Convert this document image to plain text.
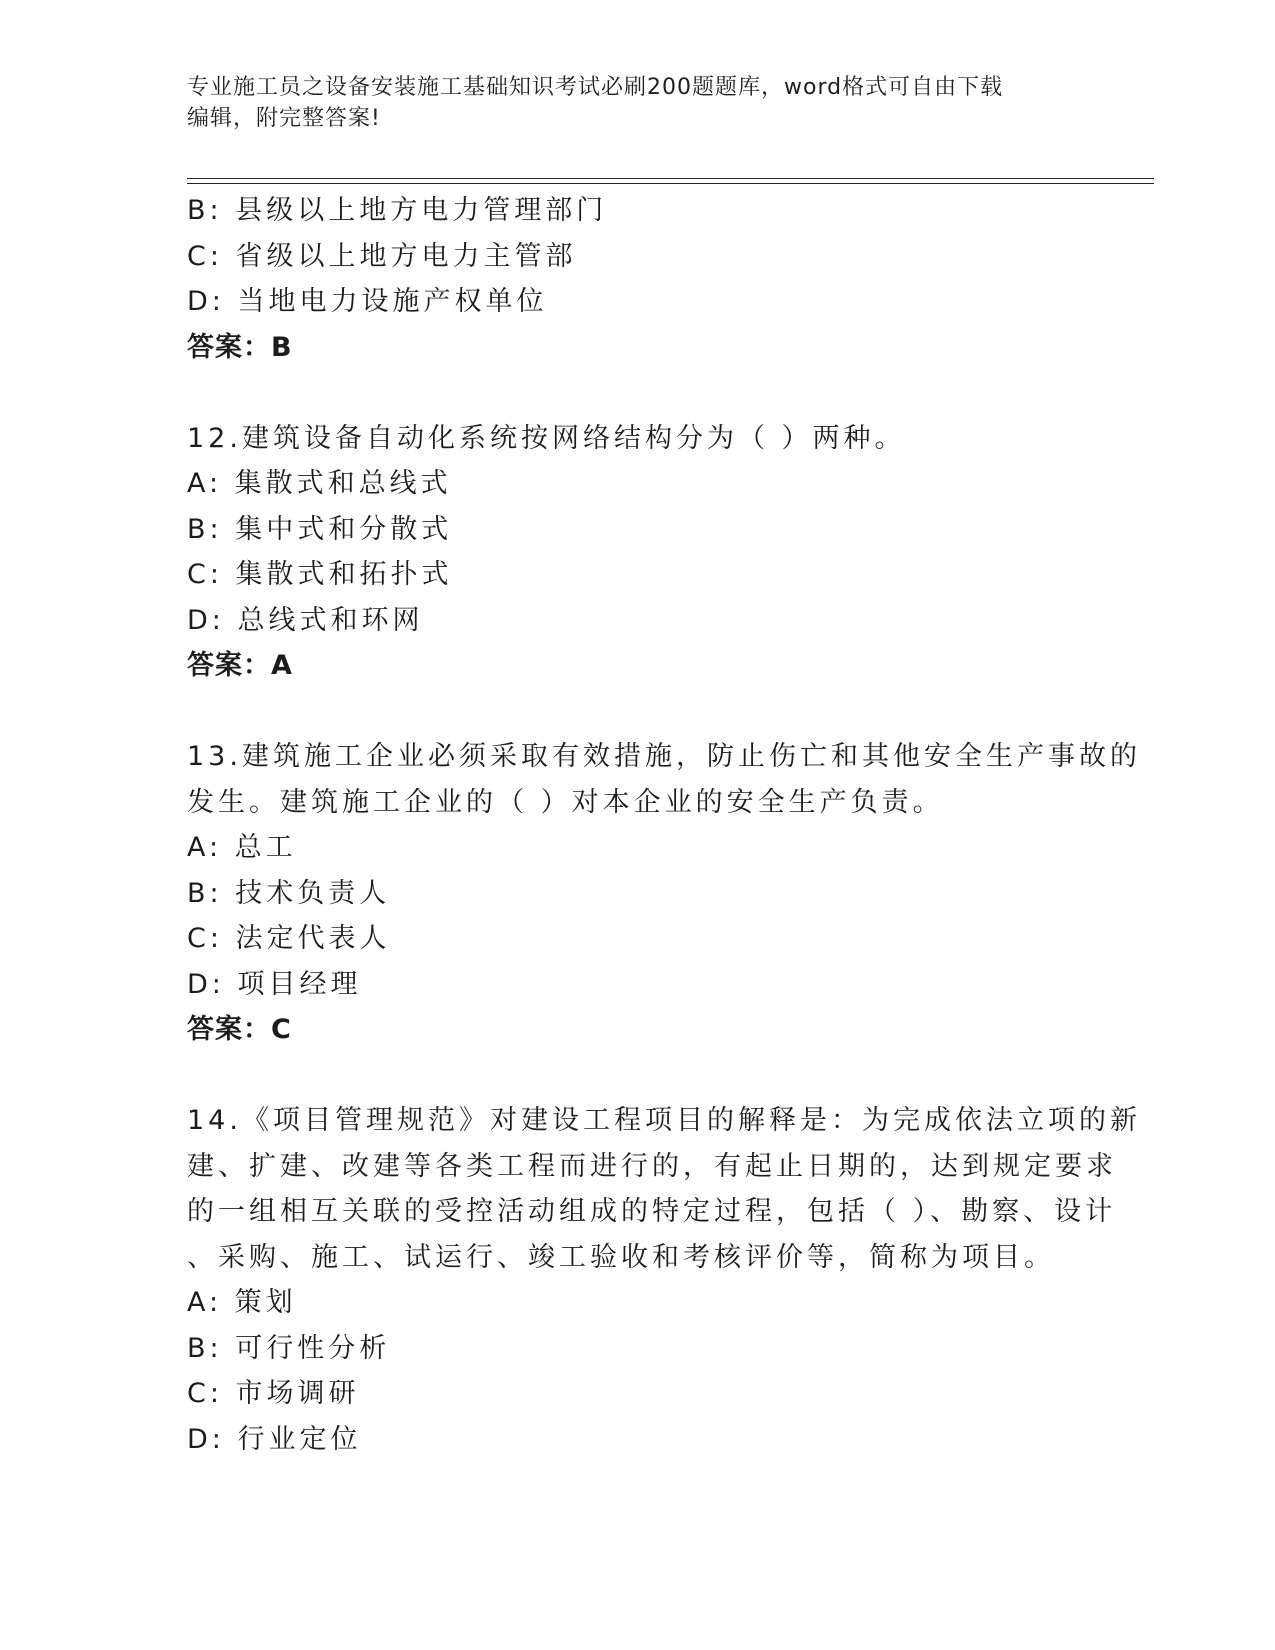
专业施工员之设备安装施工基础知识考试必刷200题题库，word格式可自由下载
编辑，附完整答案!
B: 县级以上地方电力管理部门
C: 省级以上地方电力主管部
D: 当地电力设施产权单位
答案：B
12.建筑设备自动化系统按网络结构分为（ ）两种。
A: 集散式和总线式
B: 集中式和分散式
C: 集散式和拓扑式
D: 总线式和环网
答案：A
13.建筑施工企业必须采取有效措施，防止伤亡和其他安全生产事故的
发生。建筑施工企业的（ ）对本企业的安全生产负责。
A: 总工
B: 技术负责人
C: 法定代表人
D: 项目经理
答案：C
14.《项目管理规范》对建设工程项目的解释是：为完成依法立项的新
建、扩建、改建等各类工程而进行的，有起止日期的，达到规定要求
的一组相互关联的受控活动组成的特定过程，包括（ ）、勘察、设计
、采购、施工、试运行、竣工验收和考核评价等，简称为项目。
A: 策划
B: 可行性分析
C: 市场调研
D: 行业定位
